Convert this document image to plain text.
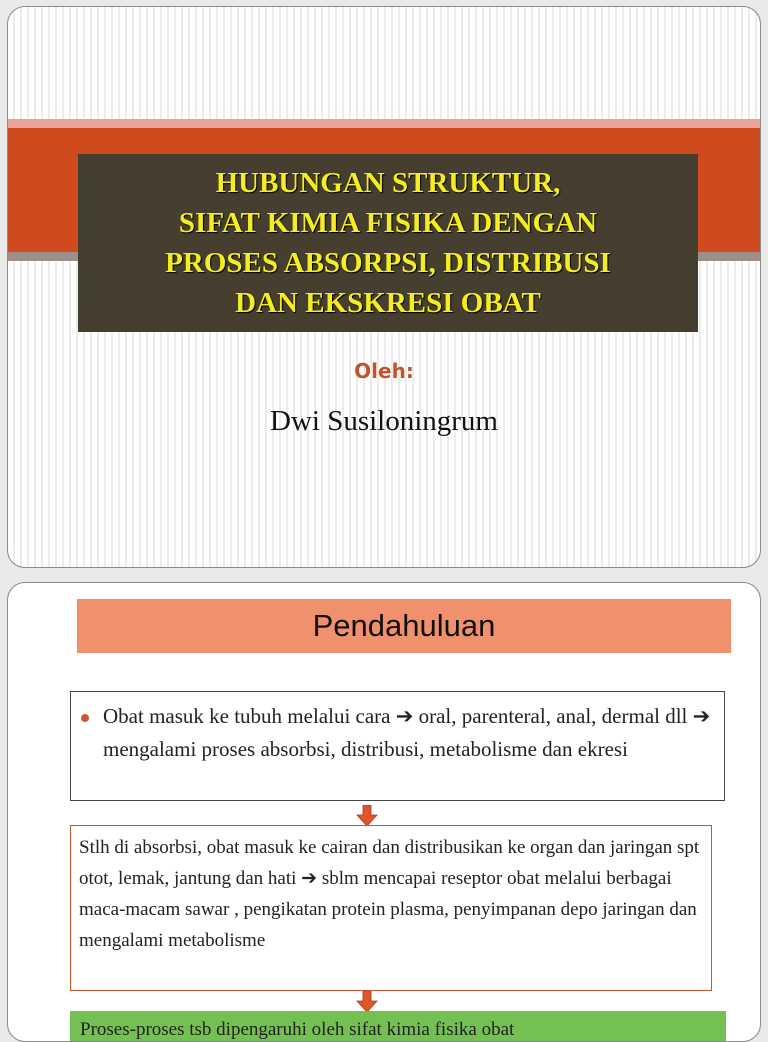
HUBUNGAN STRUKTUR,
SIFAT KIMIA FISIKA DENGAN
PROSES ABSORPSI, DISTRIBUSI
DAN EKSKRESI OBAT
Oleh:
Dwi Susiloningrum
Pendahuluan
Obat masuk ke tubuh melalui cara ➔ oral, parenteral, anal, dermal dll ➔ mengalami proses absorbsi, distribusi, metabolisme dan ekresi
Stlh di absorbsi, obat masuk ke cairan dan distribusikan ke organ dan jaringan spt otot, lemak, jantung dan hati ➔ sblm mencapai reseptor obat melalui berbagai maca-macam sawar , pengikatan protein plasma, penyimpanan depo jaringan dan mengalami metabolisme
Proses-proses tsb dipengaruhi oleh sifat kimia fisika obat
